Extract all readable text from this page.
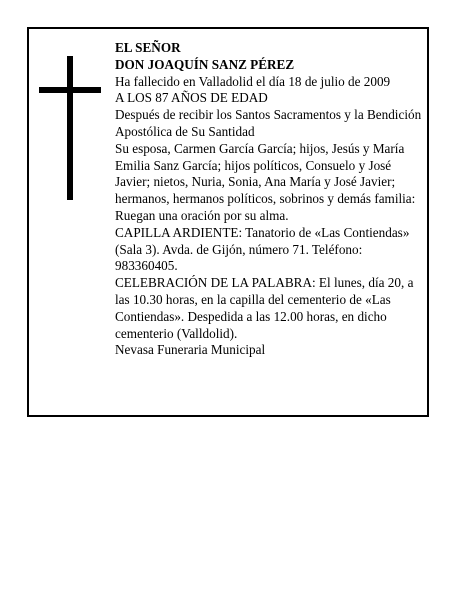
EL SEÑOR

DON JOAQUÍN SANZ PÉREZ

Ha fallecido en Valladolid el día 18 de julio de 2009

A LOS 87 AÑOS DE EDAD

Después de recibir los Santos Sacramentos y la Bendición Apostólica de Su Santidad

Su esposa, Carmen García García; hijos, Jesús y María Emilia Sanz García; hijos políticos, Consuelo y José Javier; nietos, Nuria, Sonia, Ana María y José Javier; hermanos, hermanos políticos, sobrinos y demás familia:

Ruegan una oración por su alma.

CAPILLA ARDIENTE: Tanatorio de «Las Contiendas» (Sala 3). Avda. de Gijón, número 71. Teléfono: 983360405.

CELEBRACIÓN DE LA PALABRA: El lunes, día 20, a las 10.30 horas, en la capilla del cementerio de «Las Contiendas». Despedida a las 12.00 horas, en dicho cementerio (Valldolid).

Nevasa Funeraria Municipal
